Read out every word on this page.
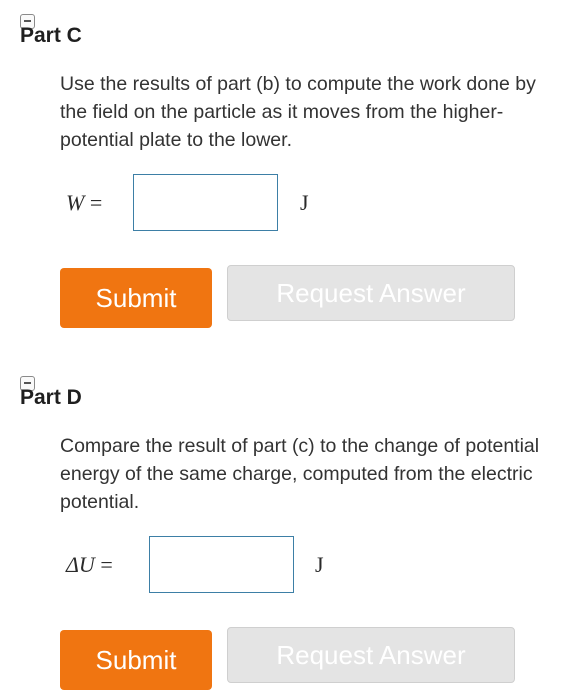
Part C

Use the results of part (b) to compute the work done by the field on the particle as it moves from the higher-potential plate to the lower.

W =	J
Submit	Request Answer
Part D

Compare the result of part (c) to the change of potential energy of the same charge, computed from the electric potential.

ΔU =	J
Submit	Request Answer
